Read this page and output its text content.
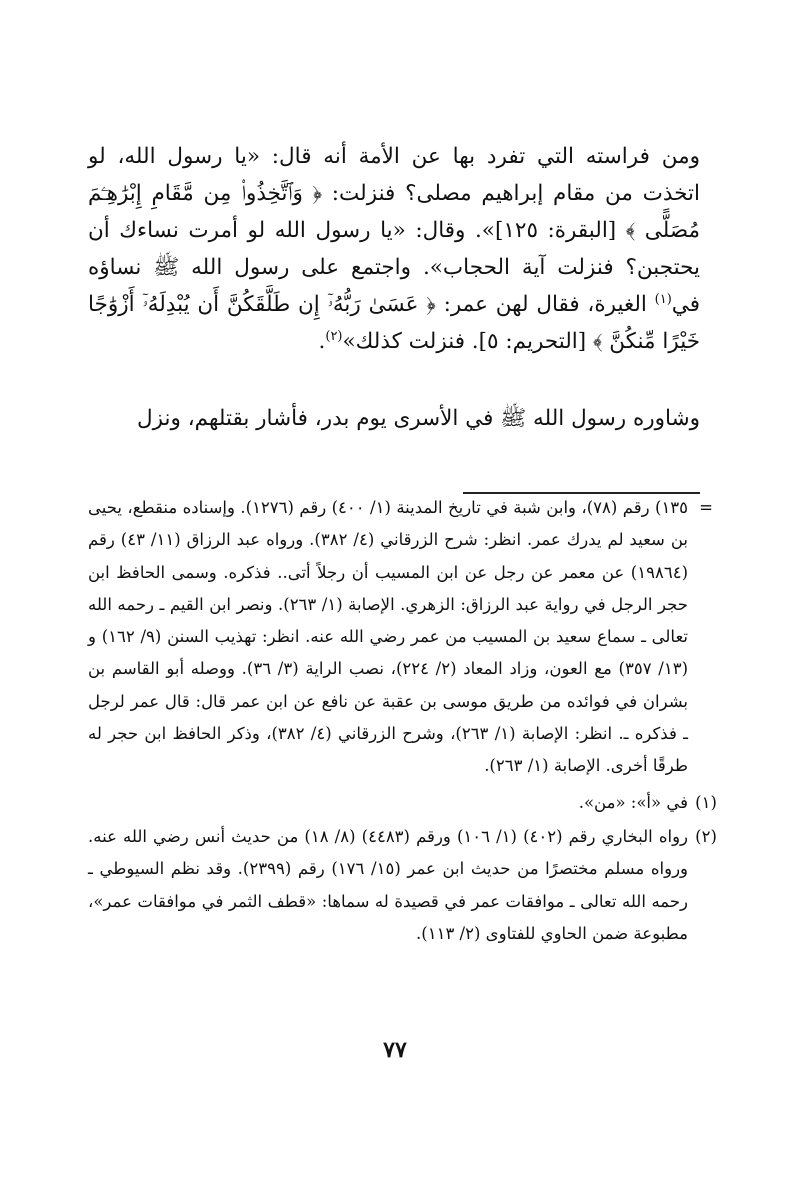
ومن فراسته التي تفرد بها عن الأمة أنه قال: «يا رسول الله، لو اتخذت من مقام إبراهيم مصلى؟ فنزلت: ﴿ وَٱتَّخِذُوا۟ مِن مَّقَامِ إِبْرَٰهِـۧمَ مُصَلًّى ﴾ [البقرة: ١٢٥]». وقال: «يا رسول الله لو أمرت نساءك أن يحتجبن؟ فنزلت آية الحجاب». واجتمع على رسول الله ﷺ نساؤه في$^{(١)}$ الغيرة، فقال لهن عمر: ﴿ عَسَىٰ رَبُّهُۥٓ إِن طَلَّقَكُنَّ أَن يُبْدِلَهُۥٓ أَزْوَٰجًا خَيْرًا مِّنكُنَّ ﴾ [التحريم: ٥]. فنزلت كذلك»$^{(٢)}$.

وشاوره رسول الله ﷺ في الأسرى يوم بدر، فأشار بقتلهم، ونزل

=
١٣٥) رقم (٧٨)، وابن شبة في تاريخ المدينة (١/ ٤٠٠) رقم (١٢٧٦). وإسناده منقطع، يحيى بن سعيد لم يدرك عمر. انظر: شرح الزرقاني (٤/ ٣٨٢). ورواه عبد الرزاق (١١/ ٤٣) رقم (١٩٨٦٤) عن معمر عن رجل عن ابن المسيب أن رجلاً أتى.. فذكره. وسمى الحافظ ابن حجر الرجل في رواية عبد الرزاق: الزهري. الإصابة (١/ ٢٦٣). ونصر ابن القيم ـ رحمه الله تعالى ـ سماع سعيد بن المسيب من عمر رضي الله عنه. انظر: تهذيب السنن (٩/ ١٦٢) و (١٣/ ٣٥٧) مع العون، وزاد المعاد (٢/ ٢٢٤)، نصب الراية (٣/ ٣٦). ووصله أبو القاسم بن بشران في فوائده من طريق موسى بن عقبة عن نافع عن ابن عمر قال: قال عمر لرجل ـ فذكره ـ. انظر: الإصابة (١/ ٢٦٣)، وشرح الزرقاني (٤/ ٣٨٢)، وذكر الحافظ ابن حجر له طرقًا أخرى. الإصابة (١/ ٢٦٣).
(١)
في «أ»: «من».
(٢)
رواه البخاري رقم (٤٠٢) (١/ ١٠٦) ورقم (٤٤٨٣) (٨/ ١٨) من حديث أنس رضي الله عنه. ورواه مسلم مختصرًا من حديث ابن عمر (١٥/ ١٧٦) رقم (٢٣٩٩). وقد نظم السيوطي ـ رحمه الله تعالى ـ موافقات عمر في قصيدة له سماها: «قطف الثمر في موافقات عمر»، مطبوعة ضمن الحاوي للفتاوى (٢/ ١١٣).
٧٧
